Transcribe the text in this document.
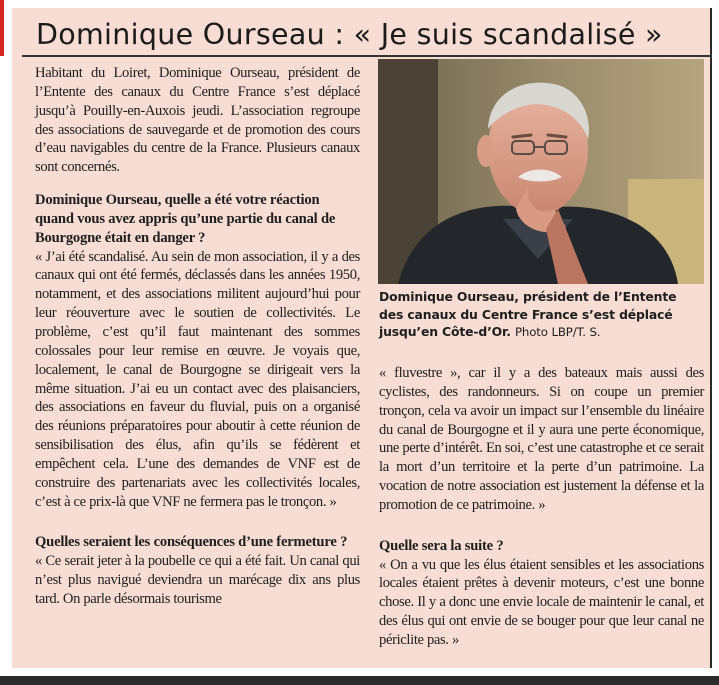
Dominique Ourseau : « Je suis scandalisé »
Dominique Ourseau, président de l’Entente des canaux du Centre France s’est déplacé jusqu’en Côte-d’Or. Photo LBP/T. S.

Habitant du Loiret, Dominique Ourseau, président de l’Entente des canaux du Centre France s’est déplacé jusqu’à Pouilly-en-Auxois jeudi. L’association regroupe des associations de sauvegarde et de promotion des cours d’eau navigables du centre de la France. Plusieurs canaux sont concernés.

Dominique Ourseau, quelle a été votre réaction quand vous avez appris qu’une partie du canal de Bourgogne était en danger ?

« J’ai été scandalisé. Au sein de mon association, il y a des canaux qui ont été fermés, déclassés dans les années 1950, notamment, et des associations militent aujourd’hui pour leur réouverture avec le soutien de collectivités. Le problème, c’est qu’il faut maintenant des sommes colossales pour leur remise en œuvre. Je voyais que, localement, le canal de Bourgogne se dirigeait vers la même situation. J’ai eu un contact avec des plaisanciers, des associations en faveur du fluvial, puis on a organisé des réunions préparatoires pour aboutir à cette réunion de sensibilisation des élus, afin qu’ils se fédèrent et empêchent cela. L’une des demandes de VNF est de construire des partenariats avec les collectivités locales, c’est à ce prix-là que VNF ne fermera pas le tronçon. »

Quelles seraient les conséquences d’une fermeture ?

« Ce serait jeter à la poubelle ce qui a été fait. Un canal qui n’est plus navigué deviendra un marécage dix ans plus tard. On parle désormais tourisme

« fluvestre », car il y a des bateaux mais aussi des cyclistes, des randonneurs. Si on coupe un premier tronçon, cela va avoir un impact sur l’ensemble du linéaire du canal de Bourgogne et il y aura une perte économique, une perte d’intérêt. En soi, c’est une catastrophe et ce serait la mort d’un territoire et la perte d’un patrimoine. La vocation de notre association est justement la défense et la promotion de ce patrimoine. »

Quelle sera la suite ?

« On a vu que les élus étaient sensibles et les associations locales étaient prêtes à devenir moteurs, c’est une bonne chose. Il y a donc une envie locale de maintenir le canal, et des élus qui ont envie de se bouger pour que leur canal ne périclite pas. »
